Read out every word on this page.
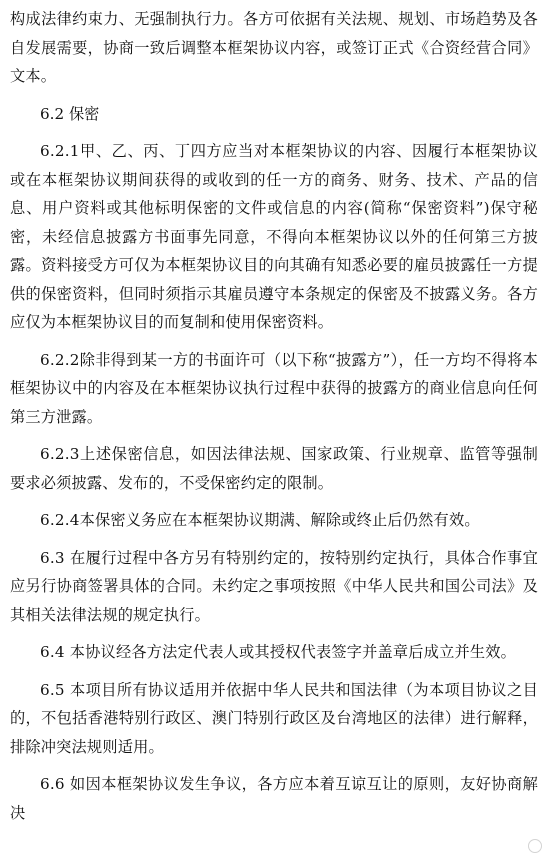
构成法律约束力、无强制执行力。各方可依据有关法规、规划、市场趋势及各自发展需要，协商一致后调整本框架协议内容，或签订正式《合资经营合同》文本。

6.2 保密

6.2.1甲、乙、丙、丁四方应当对本框架协议的内容、因履行本框架协议或在本框架协议期间获得的或收到的任一方的商务、财务、技术、产品的信息、用户资料或其他标明保密的文件或信息的内容(简称“保密资料”)保守秘密，未经信息披露方书面事先同意，不得向本框架协议以外的任何第三方披露。资料接受方可仅为本框架协议目的向其确有知悉必要的雇员披露任一方提供的保密资料，但同时须指示其雇员遵守本条规定的保密及不披露义务。各方应仅为本框架协议目的而复制和使用保密资料。

6.2.2除非得到某一方的书面许可（以下称“披露方”），任一方均不得将本框架协议中的内容及在本框架协议执行过程中获得的披露方的商业信息向任何第三方泄露。

6.2.3上述保密信息，如因法律法规、国家政策、行业规章、监管等强制要求必须披露、发布的，不受保密约定的限制。

6.2.4本保密义务应在本框架协议期满、解除或终止后仍然有效。

6.3 在履行过程中各方另有特别约定的，按特别约定执行，具体合作事宜应另行协商签署具体的合同。未约定之事项按照《中华人民共和国公司法》及其相关法律法规的规定执行。

6.4 本协议经各方法定代表人或其授权代表签字并盖章后成立并生效。

6.5 本项目所有协议适用并依据中华人民共和国法律（为本项目协议之目的，不包括香港特别行政区、澳门特别行政区及台湾地区的法律）进行解释，排除冲突法规则适用。

6.6 如因本框架协议发生争议，各方应本着互谅互让的原则，友好协商解决
